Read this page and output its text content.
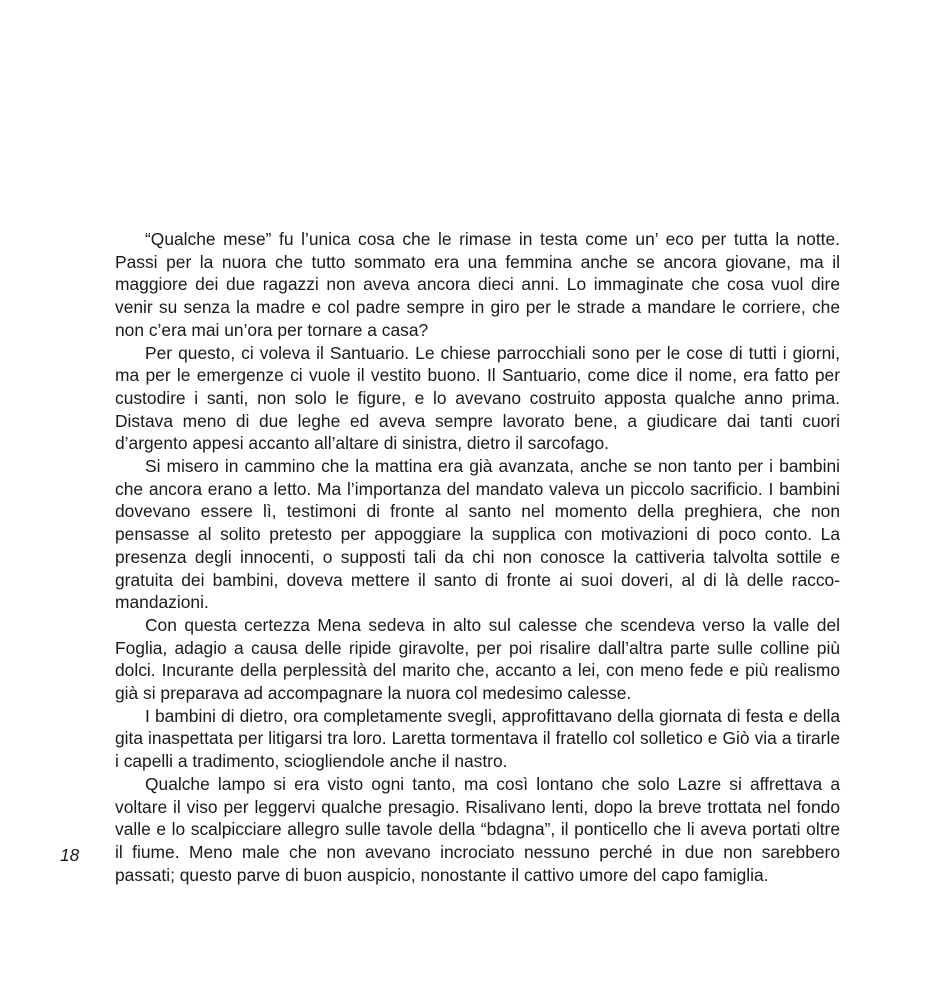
“Qualche mese” fu l’unica cosa che le rimase in testa come un’ eco per tutta la notte. Passi per la nuora che tutto sommato era una femmina anche se ancora giovane, ma il maggiore dei due ragazzi non aveva ancora dieci anni. Lo immaginate che cosa vuol dire venir su senza la madre e col padre sempre in giro per le strade a mandare le corriere, che non c’era mai un’ora per tornare a casa?

Per questo, ci voleva il Santuario. Le chiese parrocchiali sono per le cose di tutti i giorni, ma per le emergenze ci vuole il vestito buono. Il Santuario, come dice il nome, era fatto per custodire i santi, non solo le figure, e lo avevano costruito apposta qualche anno prima. Distava meno di due leghe ed aveva sempre lavorato bene, a giudicare dai tanti cuori d’argento appesi accanto all’altare di sinistra, dietro il sarcofago.

Si misero in cammino che la mattina era già avanzata, anche se non tanto per i bambini che ancora erano a letto. Ma l’importanza del mandato valeva un piccolo sacrificio. I bambini dovevano essere lì, testimoni di fronte al santo nel momento della preghiera, che non pensasse al solito pretesto per appoggiare la supplica con motivazioni di poco conto. La presenza degli innocenti, o supposti tali da chi non conosce la cattiveria talvolta sottile e gratuita dei bambini, doveva mettere il santo di fronte ai suoi doveri, al di là delle raccomandazioni.

Con questa certezza Mena sedeva in alto sul calesse che scendeva verso la valle del Foglia, adagio a causa delle ripide giravolte, per poi risalire dall’altra parte sulle colline più dolci. Incurante della perplessità del marito che, accanto a lei, con meno fede e più realismo già si preparava ad accompagnare la nuora col medesimo calesse.

I bambini di dietro, ora completamente svegli, approfittavano della giornata di festa e della gita inaspettata per litigarsi tra loro. Laretta tormentava il fratello col solletico e Giò via a tirarle i capelli a tradimento, sciogliendole anche il nastro.

Qualche lampo si era visto ogni tanto, ma così lontano che solo Lazre si affrettava a voltare il viso per leggervi qualche presagio. Risalivano lenti, dopo la breve trottata nel fondo valle e lo scalpicciare allegro sulle tavole della “bdagna”, il ponticello che li aveva portati oltre il fiume. Meno male che non avevano incrociato nessuno perché in due non sarebbero passati; questo parve di buon auspicio, nonostante il cattivo umore del capo famiglia.

18
